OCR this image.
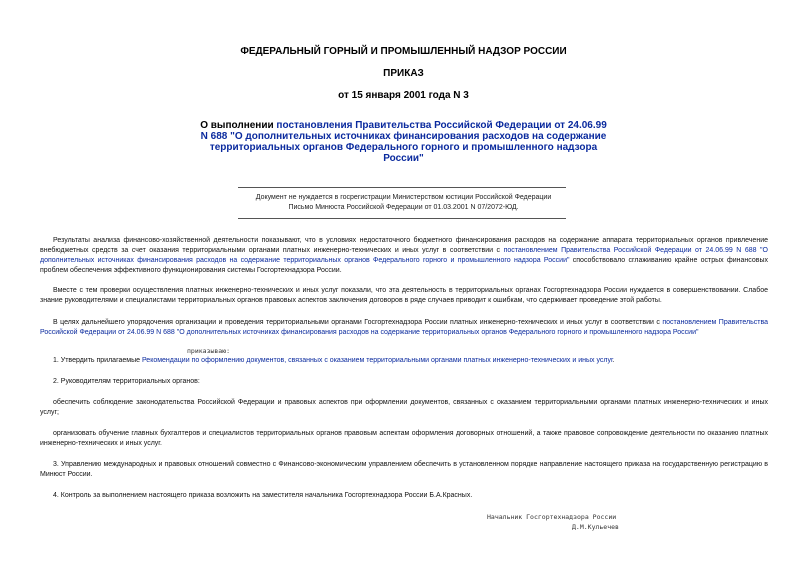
ФЕДЕРАЛЬНЫЙ ГОРНЫЙ И ПРОМЫШЛЕННЫЙ НАДЗОР РОССИИ
ПРИКАЗ
от 15 января 2001 года N 3
О выполнении постановления Правительства Российской Федерации от 24.06.99 N 688 "О дополнительных источниках финансирования расходов на содержание территориальных органов Федерального горного и промышленного надзора России"
Документ не нуждается в госрегистрации Министерством юстиции Российской Федерации
Письмо Минюста Российской Федерации от 01.03.2001 N 07/2072-ЮД.
Результаты анализа финансово-хозяйственной деятельности показывают, что в условиях недостаточного бюджетного финансирования расходов на содержание аппарата территориальных органов привлечение внебюджетных средств за счет оказания территориальными органами платных инженерно-технических и иных услуг в соответствии с постановлением Правительства Российской Федерации от 24.06.99 N 688 "О дополнительных источниках финансирования расходов на содержание территориальных органов Федерального горного и промышленного надзора России" способствовало сглаживанию крайне острых финансовых проблем обеспечения эффективного функционирования системы Госгортехнадзора России.
Вместе с тем проверки осуществления платных инженерно-технических и иных услуг показали, что эта деятельность в территориальных органах Госгортехнадзора России нуждается в совершенствовании. Слабое знание руководителями и специалистами территориальных органов правовых аспектов заключения договоров в ряде случаев приводит к ошибкам, что сдерживает проведение этой работы.
В целях дальнейшего упорядочения организации и проведения территориальными органами Госгортехнадзора России платных инженерно-технических и иных услуг в соответствии с постановлением Правительства Российской Федерации от 24.06.99 N 688 "О дополнительных источниках финансирования расходов на содержание территориальных органов Федерального горного и промышленного надзора России"
приказываю:
1. Утвердить прилагаемые Рекомендации по оформлению документов, связанных с оказанием территориальными органами платных инженерно-технических и иных услуг.
2. Руководителям территориальных органов:
обеспечить соблюдение законодательства Российской Федерации и правовых аспектов при оформлении документов, связанных с оказанием территориальными органами платных инженерно-технических и иных услуг;
организовать обучение главных бухгалтеров и специалистов территориальных органов правовым аспектам оформления договорных отношений, а также правовое сопровождение деятельности по оказанию платных инженерно-технических и иных услуг.
3. Управлению международных и правовых отношений совместно с Финансово-экономическим управлением обеспечить в установленном порядке направление настоящего приказа на государственную регистрацию в Минюст России.
4. Контроль за выполнением настоящего приказа возложить на заместителя начальника Госгортехнадзора России Б.А.Красных.
Начальник Госгортехнадзора России
Д.М.Кульечев
